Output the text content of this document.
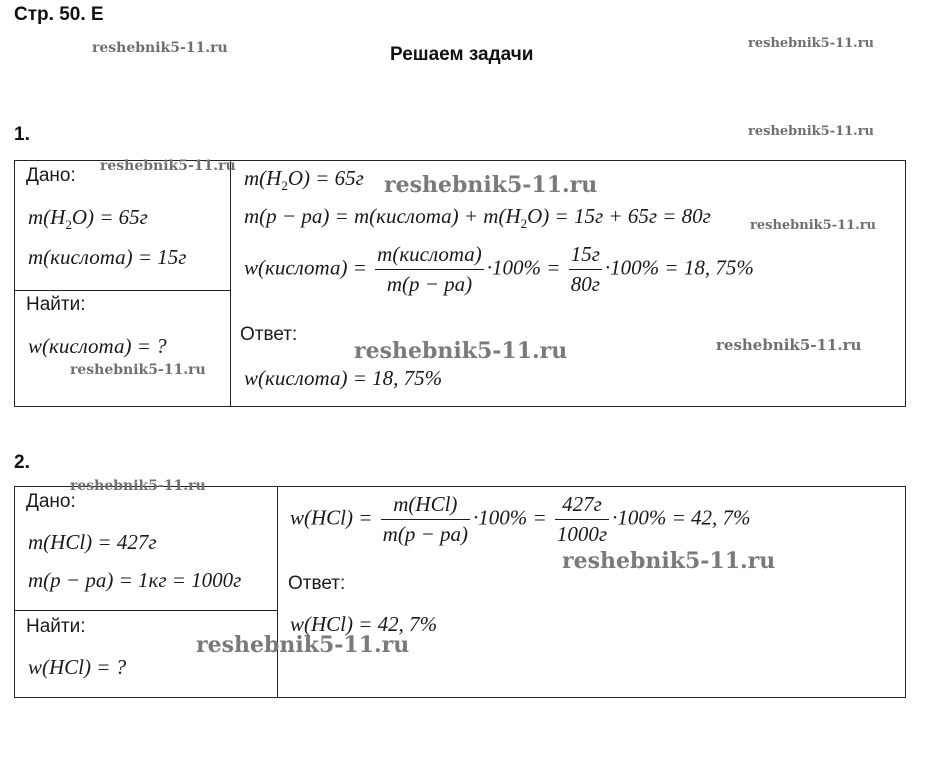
Стр. 50. Е
Решаем задачи
reshebnik5-11.ru	reshebnik5-11.ru
1.	reshebnik5-11.ru
Дано: reshebnik5-11.ru
$m(H_2O) = 65г$
m(кислота) = 15г
Найти:
w(кислота) = ?
reshebnik5-11.ru
$m(H_2O) = 65г$ reshebnik5-11.ru
m(р − ра) = m(кислота) + $m(H_2O) = 15г + 65г = 80г$	reshebnik5-11.ru
w(кислота) = $\frac{\text{m(кислота)}}{m(р - ра)} \cdot 100\% = \frac{15г}{80г} \cdot 100\% = 18$, 75%
Ответ:
reshebnik5-11.ru	reshebnik5-11.ru
w(кислота) = 18, 75%
2.
reshebnik5-11.ru
Дано:
m(HCl) = 427г
m(р − ра) = 1кг = 1000г
Найти:
w(HCl) = ?
reshebnik5-11.ru
$w(HCl) = \frac{\text{m(HCl)}}{m(р - ра)} \cdot 100\% = \frac{427г}{1000г} \cdot 100\% = 42$, 7%
reshebnik5-11.ru
Ответ:
w(HCl) = 42, 7%
